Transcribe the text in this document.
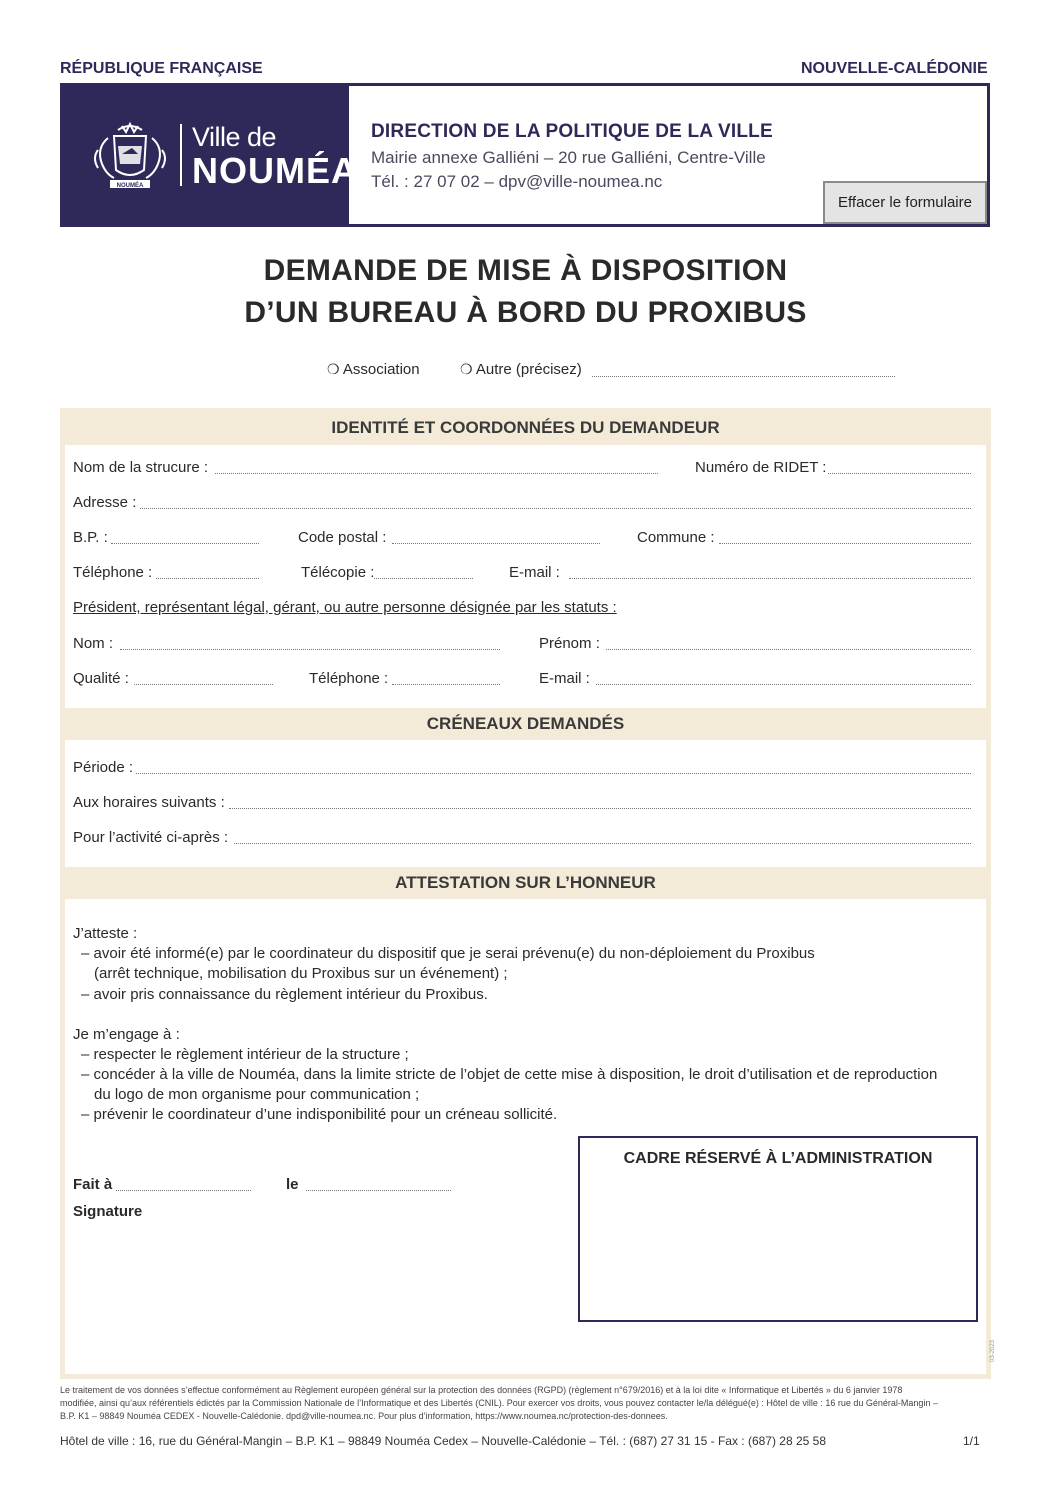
RÉPUBLIQUE FRANÇAISE	NOUVELLE-CALÉDONIE
NOUMÉA
Ville de
NOUMÉA
DIRECTION DE LA POLITIQUE DE LA VILLE
Mairie annexe Galliéni – 20 rue Galliéni, Centre-Ville
Tél. : 27 07 02 – dpv@ville-noumea.nc
Effacer le formulaire
DEMANDE DE MISE À DISPOSITION
D’UN BUREAU À BORD DU PROXIBUS
❍ Association	❍ Autre (précisez)
IDENTITÉ ET COORDONNÉES DU DEMANDEUR
Nom de la strucure :	Numéro de RIDET :
Adresse :
B.P. :	Code postal :	Commune :
Téléphone :	Télécopie :	E-mail :
Président, représentant légal, gérant, ou autre personne désignée par les statuts :
Nom :	Prénom :
Qualité :	Téléphone :	E-mail :
CRÉNEAUX DEMANDÉS
Période :
Aux horaires suivants :
Pour l’activité ci-après :
ATTESTATION SUR L’HONNEUR
J’atteste :
– avoir été informé(e) par le coordinateur du dispositif que je serai prévenu(e) du non-déploiement du Proxibus
(arrêt technique, mobilisation du Proxibus sur un événement) ;
– avoir pris connaissance du règlement intérieur du Proxibus.
Je m’engage à :
– respecter le règlement intérieur de la structure ;
– concéder à la ville de Nouméa, dans la limite stricte de l’objet de cette mise à disposition, le droit d’utilisation et de reproduction
du logo de mon organisme pour communication ;
– prévenir le coordinateur d’une indisponibilité pour un créneau sollicité.
Fait à	le
Signature
CADRE RÉSERVÉ À L’ADMINISTRATION
03-2023
Le traitement de vos données s’effectue conformément au Règlement européen général sur la protection des données (RGPD) (règlement n°679/2016) et à la loi dite « Informatique et Libertés » du 6 janvier 1978
modifiée, ainsi qu’aux référentiels édictés par la Commission Nationale de l’Informatique et des Libertés (CNIL). Pour exercer vos droits, vous pouvez contacter le/la délégué(e) : Hôtel de ville : 16 rue du Général-Mangin –
B.P. K1 – 98849 Nouméa CEDEX - Nouvelle-Calédonie. dpd@ville-noumea.nc. Pour plus d’information, https://www.noumea.nc/protection-des-donnees.
Hôtel de ville : 16, rue du Général-Mangin – B.P. K1 – 98849 Nouméa Cedex – Nouvelle-Calédonie – Tél. : (687) 27 31 15 - Fax : (687) 28 25 58	1/1
